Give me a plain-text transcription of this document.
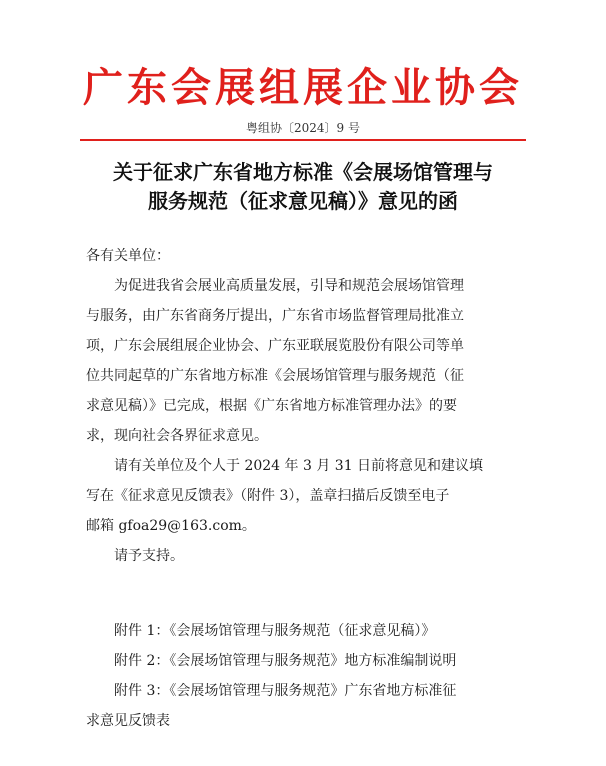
广东会展组展企业协会
粤组协〔2024〕9 号
关于征求广东省地方标准《会展场馆管理与
服务规范（征求意见稿）》意见的函
各有关单位：
为促进我省会展业高质量发展，引导和规范会展场馆管理
与服务，由广东省商务厅提出，广东省市场监督管理局批准立
项，广东会展组展企业协会、广东亚联展览股份有限公司等单
位共同起草的广东省地方标准《会展场馆管理与服务规范（征
求意见稿）》已完成，根据《广东省地方标准管理办法》的要
求，现向社会各界征求意见。
请有关单位及个人于 2024 年 3 月 31 日前将意见和建议填
写在《征求意见反馈表》（附件 3），盖章扫描后反馈至电子
邮箱 gfoa29@163.com。
请予支持。
附件 1：《会展场馆管理与服务规范（征求意见稿）》
附件 2：《会展场馆管理与服务规范》地方标准编制说明
附件 3：《会展场馆管理与服务规范》广东省地方标准征
求意见反馈表
